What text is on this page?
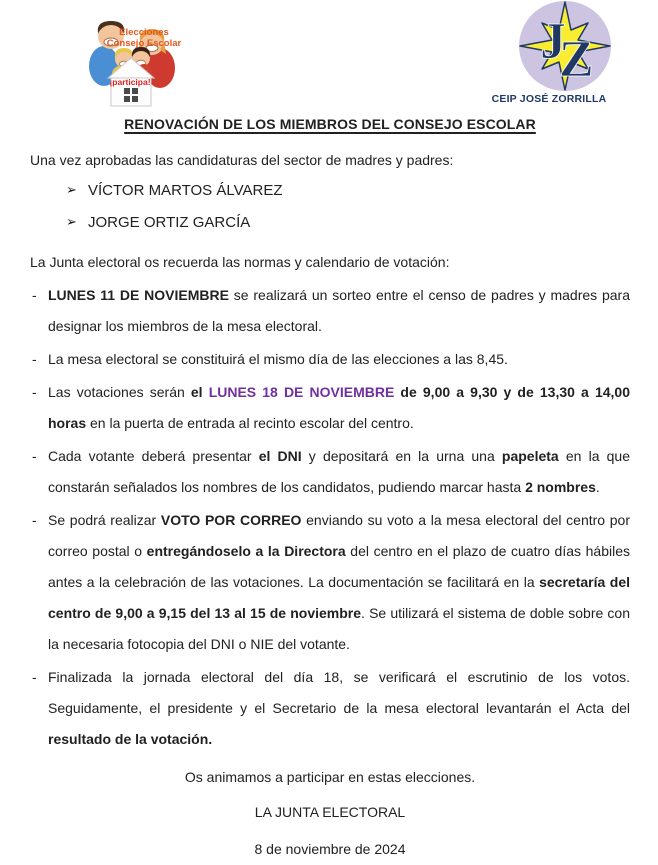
Elecciones
Consejo Escolar
¡participa!
J
Z
CEIP JOSÉ ZORRILLA
RENOVACIÓN DE LOS MIEMBROS DEL CONSEJO ESCOLAR

Una vez aprobadas las candidaturas del sector de madres y padres:

➢ VÍCTOR MARTOS ÁLVAREZ
➢ JORGE ORTIZ GARCÍA

La Junta electoral os recuerda las normas y calendario de votación:

- LUNES 11 DE NOVIEMBRE se realizará un sorteo entre el censo de padres y madres para designar los miembros de la mesa electoral.
- La mesa electoral se constituirá el mismo día de las elecciones a las 8,45.
- Las votaciones serán el LUNES 18 DE NOVIEMBRE de 9,00 a 9,30 y de 13,30 a 14,00 horas en la puerta de entrada al recinto escolar del centro.
- Cada votante deberá presentar el DNI y depositará en la urna una papeleta en la que constarán señalados los nombres de los candidatos, pudiendo marcar hasta 2 nombres.
- Se podrá realizar VOTO POR CORREO enviando su voto a la mesa electoral del centro por correo postal o entregándoselo a la Directora del centro en el plazo de cuatro días hábiles antes a la celebración de las votaciones. La documentación se facilitará en la secretaría del centro de 9,00 a 9,15 del 13 al 15 de noviembre. Se utilizará el sistema de doble sobre con la necesaria fotocopia del DNI o NIE del votante.
- Finalizada la jornada electoral del día 18, se verificará el escrutinio de los votos. Seguidamente, el presidente y el Secretario de la mesa electoral levantarán el Acta del resultado de la votación.

Os animamos a participar en estas elecciones.

LA JUNTA ELECTORAL

8 de noviembre de 2024
